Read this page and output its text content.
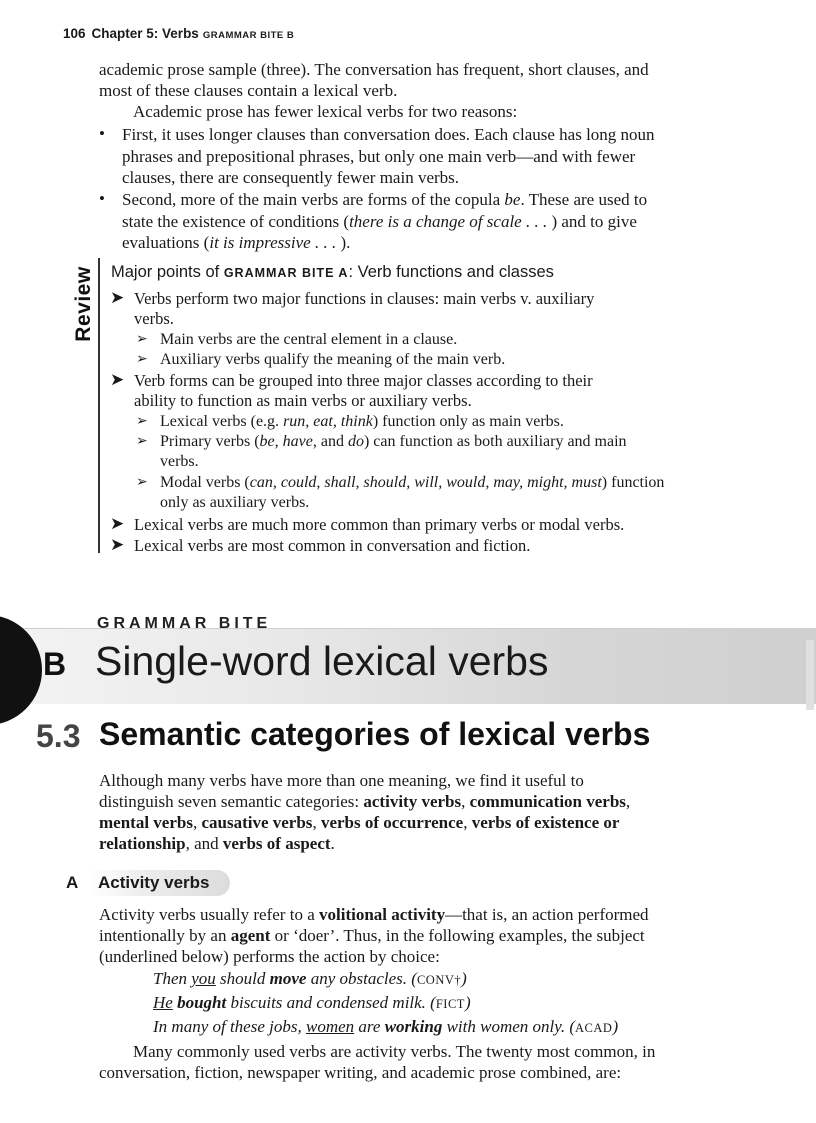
106 Chapter 5: Verbs GRAMMAR BITE B
academic prose sample (three). The conversation has frequent, short clauses, and
most of these clauses contain a lexical verb.
Academic prose has fewer lexical verbs for two reasons:
• First, it uses longer clauses than conversation does. Each clause has long noun
phrases and prepositional phrases, but only one main verb—and with fewer
clauses, there are consequently fewer main verbs.
• Second, more of the main verbs are forms of the copula be. These are used to
state the existence of conditions (there is a change of scale . . . ) and to give
evaluations (it is impressive . . . ).
Review Major points of GRAMMAR BITE A: Verb functions and classes
➤ Verbs perform two major functions in clauses: main verbs v. auxiliary
verbs.
➢ Main verbs are the central element in a clause.
➢ Auxiliary verbs qualify the meaning of the main verb.
➤ Verb forms can be grouped into three major classes according to their
ability to function as main verbs or auxiliary verbs.
➢ Lexical verbs (e.g. run, eat, think) function only as main verbs.
➢ Primary verbs (be, have, and do) can function as both auxiliary and main
verbs.
➢ Modal verbs (can, could, shall, should, will, would, may, might, must) function
only as auxiliary verbs.
➤ Lexical verbs are much more common than primary verbs or modal verbs.
➤ Lexical verbs are most common in conversation and fiction.
GRAMMAR BITE
B Single-word lexical verbs
5.3 Semantic categories of lexical verbs
Although many verbs have more than one meaning, we find it useful to
distinguish seven semantic categories: activity verbs, communication verbs,
mental verbs, causative verbs, verbs of occurrence, verbs of existence or
relationship, and verbs of aspect.
A Activity verbs
Activity verbs usually refer to a volitional activity—that is, an action performed
intentionally by an agent or ‘doer’. Thus, in the following examples, the subject
(underlined below) performs the action by choice:
Then you should move any obstacles. (CONV†)
He bought biscuits and condensed milk. (FICT)
In many of these jobs, women are working with women only. (ACAD)
Many commonly used verbs are activity verbs. The twenty most common, in
conversation, fiction, newspaper writing, and academic prose combined, are:
